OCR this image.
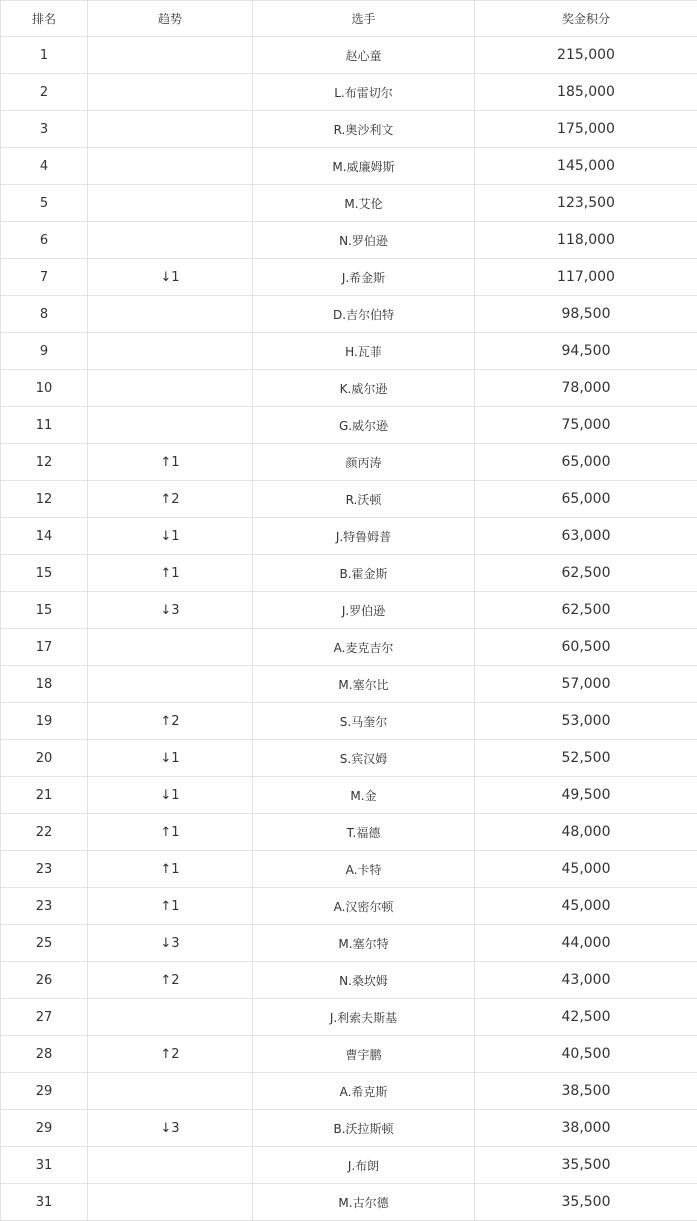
排名	趋势	选手	奖金积分
1		赵心童	215,000
2		L.布雷切尔	185,000
3		R.奥沙利文	175,000
4		M.威廉姆斯	145,000
5		M.艾伦	123,500
6		N.罗伯逊	118,000
7	↓1	J.希金斯	117,000
8		D.吉尔伯特	98,500
9		H.瓦菲	94,500
10		K.威尔逊	78,000
11		G.威尔逊	75,000
12	↑1	颜丙涛	65,000
12	↑2	R.沃顿	65,000
14	↓1	J.特鲁姆普	63,000
15	↑1	B.霍金斯	62,500
15	↓3	J.罗伯逊	62,500
17		A.麦克吉尔	60,500
18		M.塞尔比	57,000
19	↑2	S.马奎尔	53,000
20	↓1	S.宾汉姆	52,500
21	↓1	M.金	49,500
22	↑1	T.福德	48,000
23	↑1	A.卡特	45,000
23	↑1	A.汉密尔顿	45,000
25	↓3	M.塞尔特	44,000
26	↑2	N.桑坎姆	43,000
27		J.利索夫斯基	42,500
28	↑2	曹宇鹏	40,500
29		A.希克斯	38,500
29	↓3	B.沃拉斯顿	38,000
31		J.布朗	35,500
31		M.古尔德	35,500
